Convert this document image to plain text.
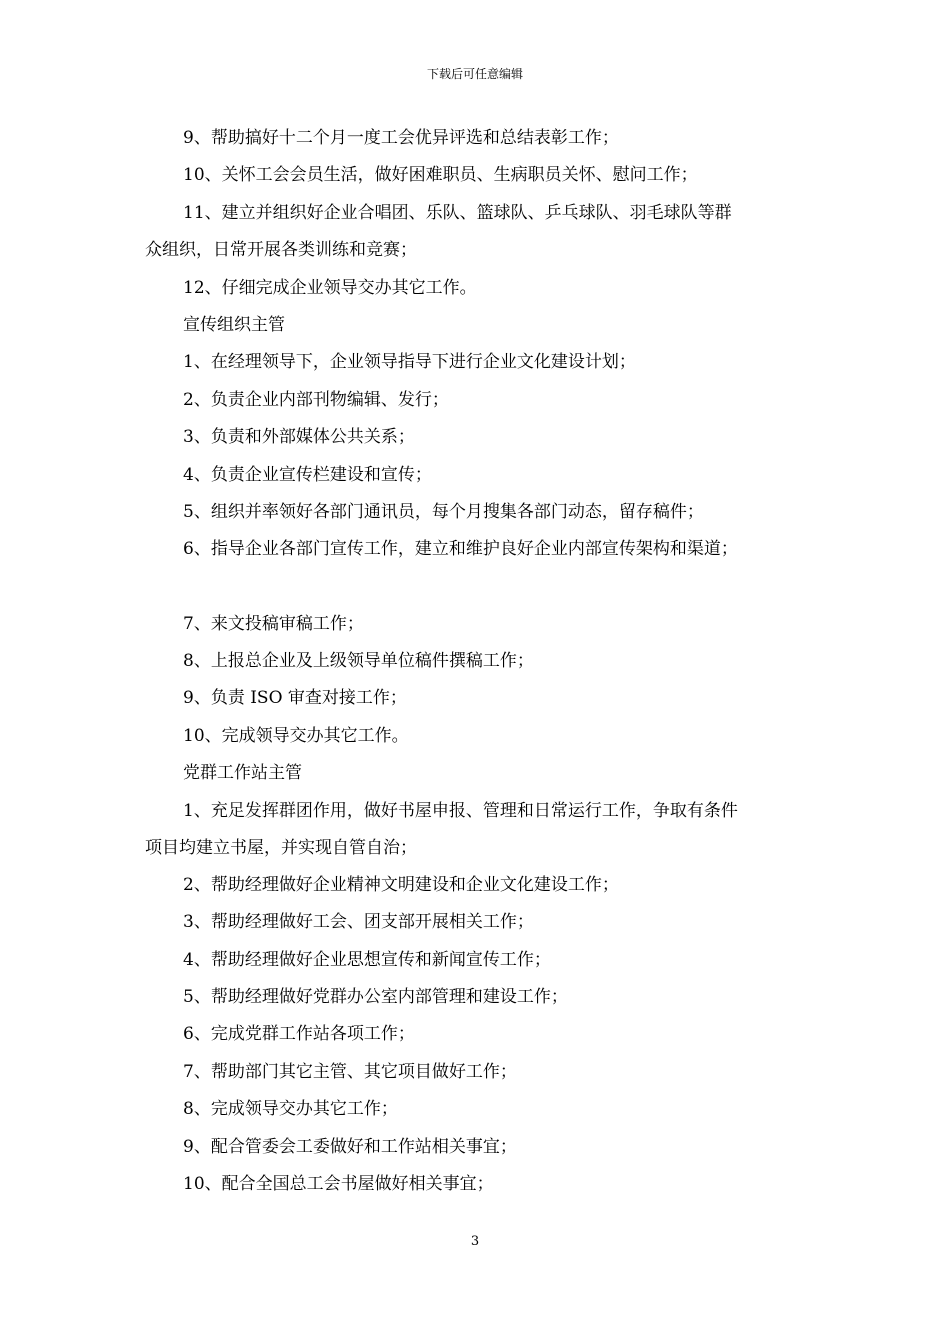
下载后可任意编辑
9、帮助搞好十二个月一度工会优异评选和总结表彰工作；
10、关怀工会会员生活，做好困难职员、生病职员关怀、慰问工作；
11、建立并组织好企业合唱团、乐队、篮球队、乒乓球队、羽毛球队等群
众组织，日常开展各类训练和竞赛；
12、仔细完成企业领导交办其它工作。
宣传组织主管
1、在经理领导下，企业领导指导下进行企业文化建设计划；
2、负责企业内部刊物编辑、发行；
3、负责和外部媒体公共关系；
4、负责企业宣传栏建设和宣传；
5、组织并率领好各部门通讯员，每个月搜集各部门动态，留存稿件；
6、指导企业各部门宣传工作，建立和维护良好企业内部宣传架构和渠道；
7、来文投稿审稿工作；
8、上报总企业及上级领导单位稿件撰稿工作；
9、负责 ISO 审查对接工作；
10、完成领导交办其它工作。
党群工作站主管
1、充足发挥群团作用，做好书屋申报、管理和日常运行工作，争取有条件
项目均建立书屋，并实现自管自治；
2、帮助经理做好企业精神文明建设和企业文化建设工作；
3、帮助经理做好工会、团支部开展相关工作；
4、帮助经理做好企业思想宣传和新闻宣传工作；
5、帮助经理做好党群办公室内部管理和建设工作；
6、完成党群工作站各项工作；
7、帮助部门其它主管、其它项目做好工作；
8、完成领导交办其它工作；
9、配合管委会工委做好和工作站相关事宜；
10、配合全国总工会书屋做好相关事宜；
3
